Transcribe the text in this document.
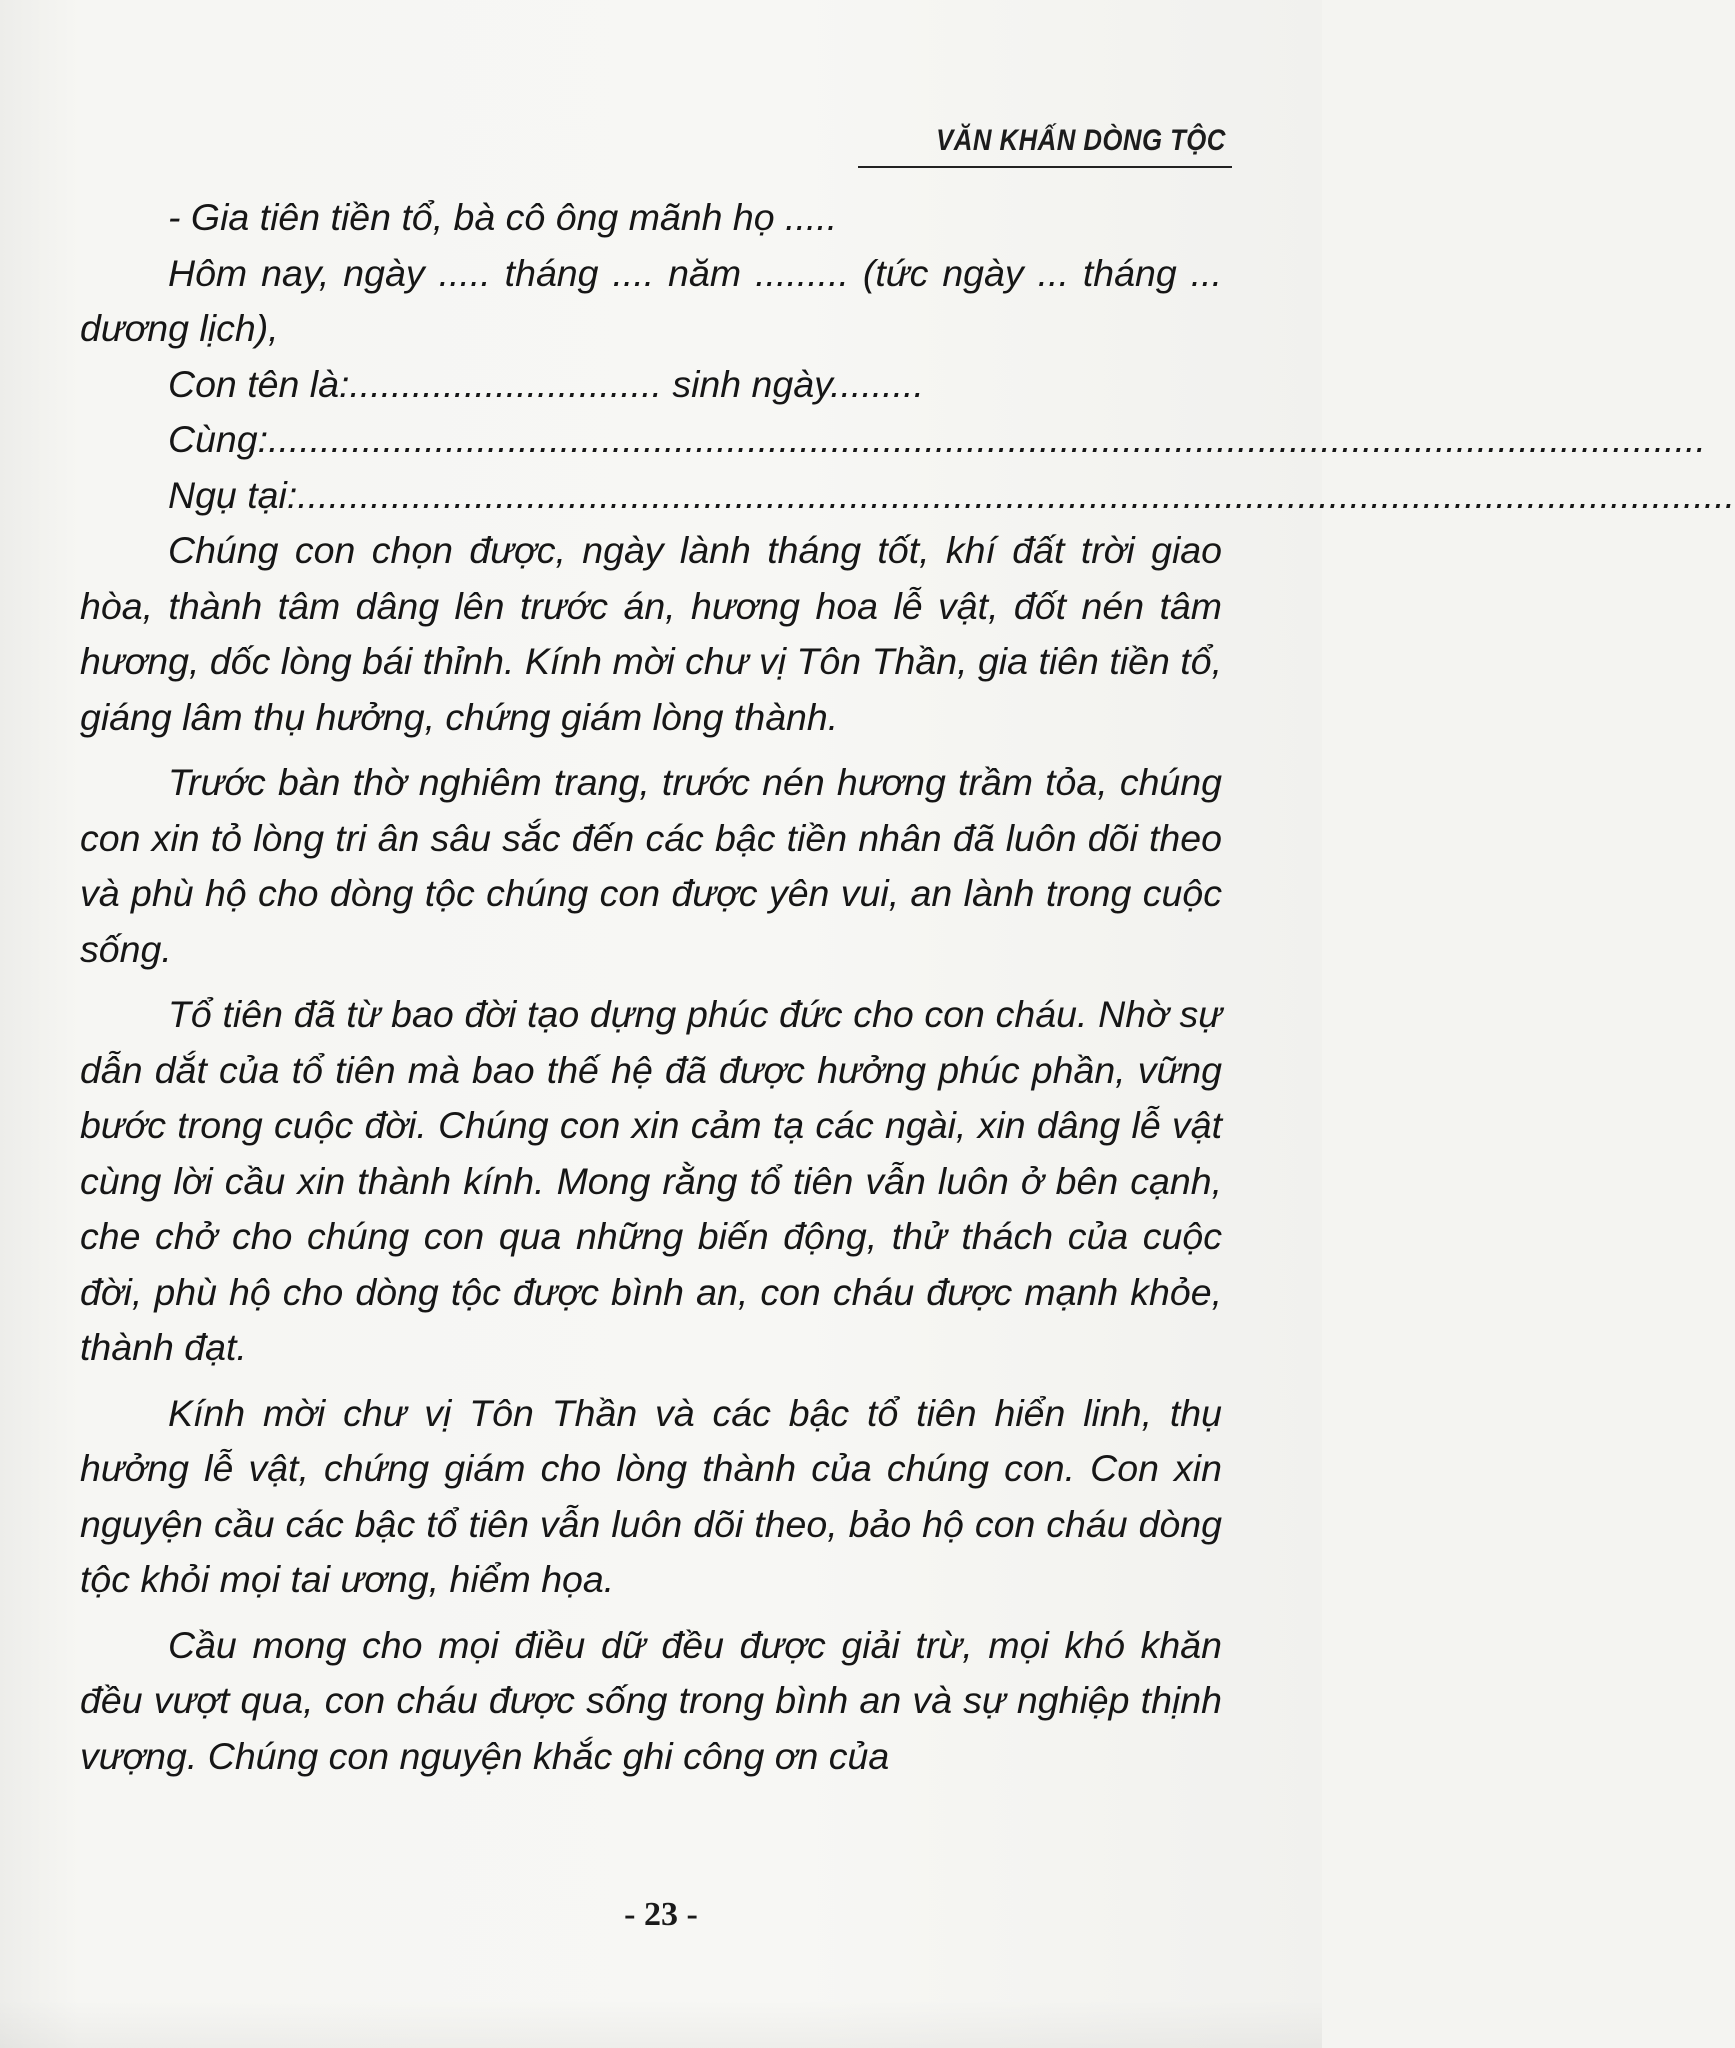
VĂN KHẤN DÒNG TỘC

- Gia tiên tiền tổ, bà cô ông mãnh họ .....

Hôm nay, ngày ..... tháng .... năm ......... (tức ngày ... tháng ... dương lịch),

Con tên là:.............................. sinh ngày.........

Cùng: ..........................................................................................................................................
Ngụ tại: ..........................................................................................................................................

Chúng con chọn được, ngày lành tháng tốt, khí đất trời giao hòa, thành tâm dâng lên trước án, hương hoa lễ vật, đốt nén tâm hương, dốc lòng bái thỉnh. Kính mời chư vị Tôn Thần, gia tiên tiền tổ, giáng lâm thụ hưởng, chứng giám lòng thành.

Trước bàn thờ nghiêm trang, trước nén hương trầm tỏa, chúng con xin tỏ lòng tri ân sâu sắc đến các bậc tiền nhân đã luôn dõi theo và phù hộ cho dòng tộc chúng con được yên vui, an lành trong cuộc sống.

Tổ tiên đã từ bao đời tạo dựng phúc đức cho con cháu. Nhờ sự dẫn dắt của tổ tiên mà bao thế hệ đã được hưởng phúc phần, vững bước trong cuộc đời. Chúng con xin cảm tạ các ngài, xin dâng lễ vật cùng lời cầu xin thành kính. Mong rằng tổ tiên vẫn luôn ở bên cạnh, che chở cho chúng con qua những biến động, thử thách của cuộc đời, phù hộ cho dòng tộc được bình an, con cháu được mạnh khỏe, thành đạt.

Kính mời chư vị Tôn Thần và các bậc tổ tiên hiển linh, thụ hưởng lễ vật, chứng giám cho lòng thành của chúng con. Con xin nguyện cầu các bậc tổ tiên vẫn luôn dõi theo, bảo hộ con cháu dòng tộc khỏi mọi tai ương, hiểm họa.

Cầu mong cho mọi điều dữ đều được giải trừ, mọi khó khăn đều vượt qua, con cháu được sống trong bình an và sự nghiệp thịnh vượng. Chúng con nguyện khắc ghi công ơn của

- 23 -
